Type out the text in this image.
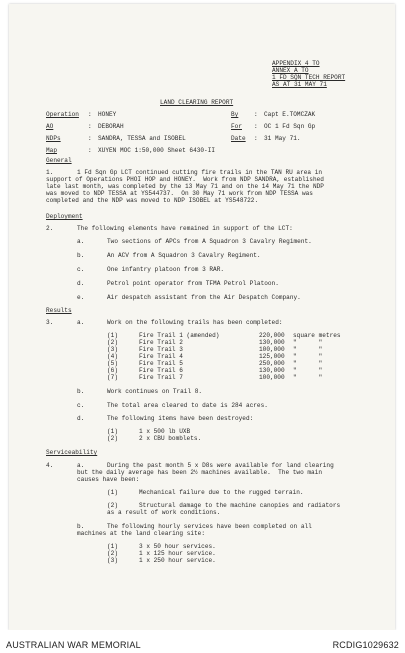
APPENDIX 4 TO
ANNEX A TO
1 FD SQN TECH REPORT
AS AT 31 MAY 71
LAND CLEARING REPORT
Operation : HONEY
AO	: DEBORAH
NDPs	: SANDRA, TESSA and ISOBEL
Map	: XUYEN MOC 1:50,000 Sheet 6430-II
By	: Capt E.TOMCZAK
For : OC 1 Fd Sqn Gp
Date : 31 May 71.
General
1.	1 Fd Sqn Gp LCT continued cutting fire trails in the TAN RU area in
support of Operations PHOI HOP and HONEY.  Work from NDP SANDRA, established
late last month, was completed by the 13 May 71 and on the 14 May 71 the NDP
was moved to NDP TESSA at YS544737.  On 30 May 71 work from NDP TESSA was
completed and the NDP was moved to NDP ISOBEL at YS548722.
Deployment
2.	The following elements have remained in support of the LCT:
a.	Two sections of APCs from A Squadron 3 Cavalry Regiment.
b.	An ACV from A Squadron 3 Cavalry Regiment.
c.	One infantry platoon from 3 RAR.
d.	Petrol point operator from TFMA Petrol Platoon.
e.	Air despatch assistant from the Air Despatch Company.
Results
3.	a.	Work on the following trails has been completed:
(1)	Fire Trail 1 (amended)	220,000 square metres
(2)	Fire Trail 2	130,000 "      "
(3)	Fire Trail 3	100,000 "      "
(4)	Fire Trail 4	125,000 "      "
(5)	Fire Trail 5	250,000 "      "
(6)	Fire Trail 6	130,000 "      "
(7)	Fire Trail 7	100,000 "      "
b.	Work continues on Trail 8.
c.	The total area cleared to date is 284 acres.
d.	The following items have been destroyed:
(1)	1 x 500 lb UXB
(2)	2 x CBU bomblets.
Serviceability
4.	a.	During the past month 5 x D8s were available for land clearing
but the daily average has been 2½ machines available.  The two main
causes have been:
(1)	Mechanical failure due to the rugged terrain.
(2)	Structural damage to the machine canopies and radiators
as a result of work conditions.
b.	The following hourly services have been completed on all
machines at the land clearing site:
(1)	3 x 50 hour services.
(2)	1 x 125 hour service.
(3)	1 x 250 hour service.
AUSTRALIAN WAR MEMORIAL	RCDIG1029632
